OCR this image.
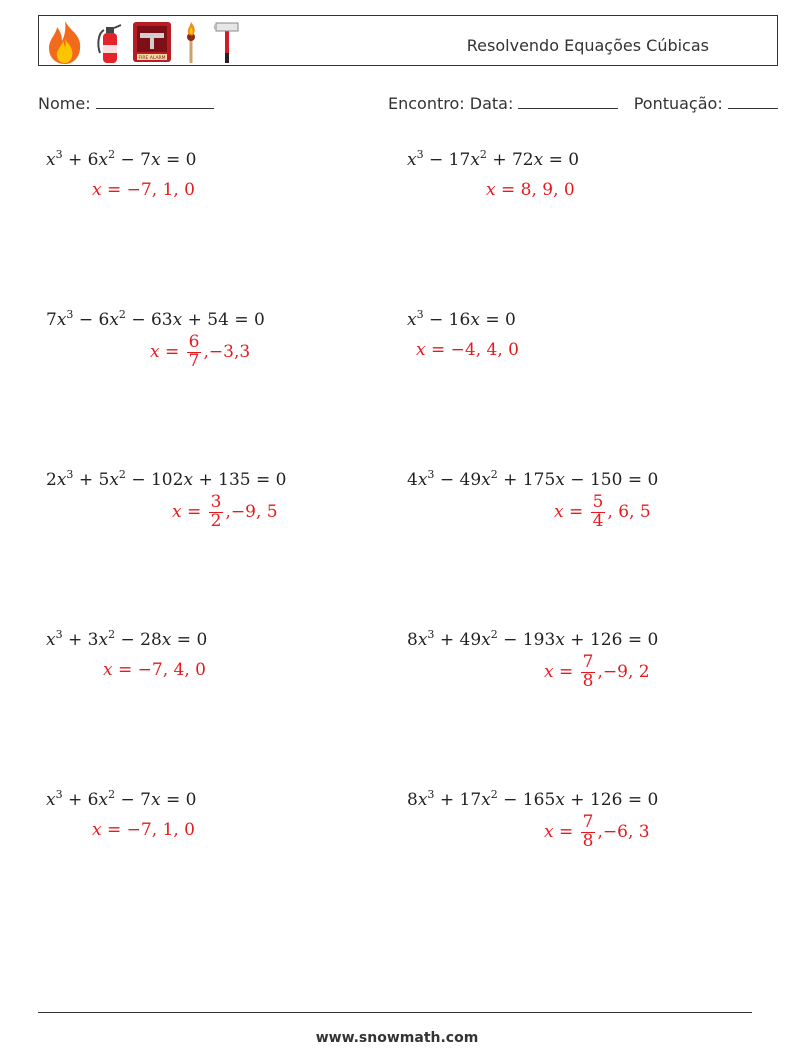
FIRE ALARM
Resolvendo Equações Cúbicas
Nome:	Encontro: Data:	Pontuação:
$x^3 + 6x^2 - 7x = 0$
x = −7, 1, 0
$x^3 - 17x^2 + 72x = 0$
x = 8, 9, 0
$7x^3 - 6x^2 - 63x + 54 = 0$
$x = \frac{6}{7} ,-3,3$
$x^3 - 16x = 0$
x = −4, 4, 0
$2x^3 + 5x^2 - 102x + 135 = 0$
$x = \frac{3}{2} ,-9$, 5
$4x^3 - 49x^2 + 175x - 150 = 0$
$x = \frac{5}{4}$ , 6, 5
$x^3 + 3x^2 - 28x = 0$
x = −7, 4, 0
$8x^3 + 49x^2 - 193x + 126 = 0$
$x = \frac{7}{8} ,-9$, 2
$x^3 + 6x^2 - 7x = 0$
x = −7, 1, 0
$8x^3 + 17x^2 - 165x + 126 = 0$
$x = \frac{7}{8} ,-6$, 3
www.snowmath.com
